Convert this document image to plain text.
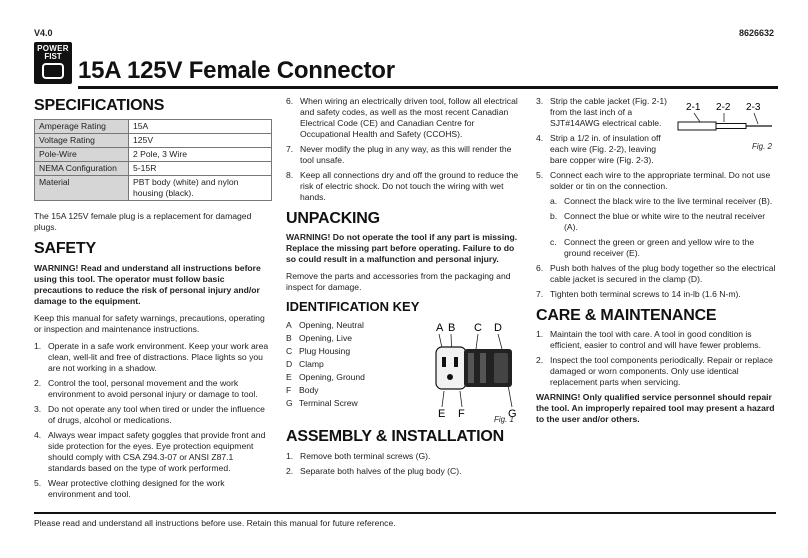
V4.0	8626632
POWER
FIST
15A 125V Female Connector
SPECIFICATIONS
Amperage Rating	15A
Voltage Rating	125V
Pole-Wire	2 Pole, 3 Wire
NEMA Configuration	5-15R
Material	PBT body (white) and nylon housing (black).

The 15A 125V female plug is a replacement for damaged plugs.

SAFETY

WARNING! Read and understand all instructions before using this tool. The operator must follow basic precautions to reduce the risk of personal injury and/or damage to the equipment.

Keep this manual for safety warnings, precautions, operating or inspection and maintenance instructions.

1. Operate in a safe work environment. Keep your work area clean, well-lit and free of distractions. Place lights so you are not working in a shadow.
2. Control the tool, personal movement and the work environment to avoid personal injury or damage to tool.
3. Do not operate any tool when tired or under the influence of drugs, alcohol or medications.
4. Always wear impact safety goggles that provide front and side protection for the eyes. Eye protection equipment should comply with CSA Z94.3-07 or ANSI Z87.1 standards based on the type of work performed.
5. Wear protective clothing designed for the work environment and tool.
6. When wiring an electrically driven tool, follow all electrical and safety codes, as well as the most recent Canadian Electrical Code (CE) and Canadian Centre for Occupational Health and Safety (CCOHS).
7. Never modify the plug in any way, as this will render the tool unsafe.
8. Keep all connections dry and off the ground to reduce the risk of electric shock. Do not touch the wiring with wet hands.
UNPACKING

WARNING! Do not operate the tool if any part is missing. Replace the missing part before operating. Failure to do so could result in a malfunction and personal injury.

Remove the parts and accessories from the packaging and inspect for damage.

IDENTIFICATION KEY
A Opening, Neutral
B Opening, Live
C Plug Housing
D Clamp
E Opening, Ground
F Body
G Terminal Screw
A B C D
E F	G
Fig. 1
ASSEMBLY & INSTALLATION
1. Remove both terminal screws (G).
2. Separate both halves of the plug body (C).
3. Strip the cable jacket (Fig. 2-1) from the last inch of a SJT#14AWG electrical cable.
4. Strip a 1/2 in. of insulation off each wire (Fig. 2-2), leaving bare copper wire (Fig. 2-3).
2-1 2-2 2-3
Fig. 2
5. Connect each wire to the appropriate terminal. Do not use solder or tin on the connection.
a. Connect the black wire to the live terminal receiver (B).
b. Connect the blue or white wire to the neutral receiver (A).
c. Connect the green or green and yellow wire to the ground receiver (E).
6. Push both halves of the plug body together so the electrical cable jacket is secured in the clamp (D).
7. Tighten both terminal screws to 14 in-lb (1.6 N-m).
CARE & MAINTENANCE
1. Maintain the tool with care. A tool in good condition is efficient, easier to control and will have fewer problems.
2. Inspect the tool components periodically. Repair or replace damaged or worn components. Only use identical replacement parts when servicing.

WARNING! Only qualified service personnel should repair the tool. An improperly repaired tool may present a hazard to the user and/or others.

Please read and understand all instructions before use. Retain this manual for future reference.
